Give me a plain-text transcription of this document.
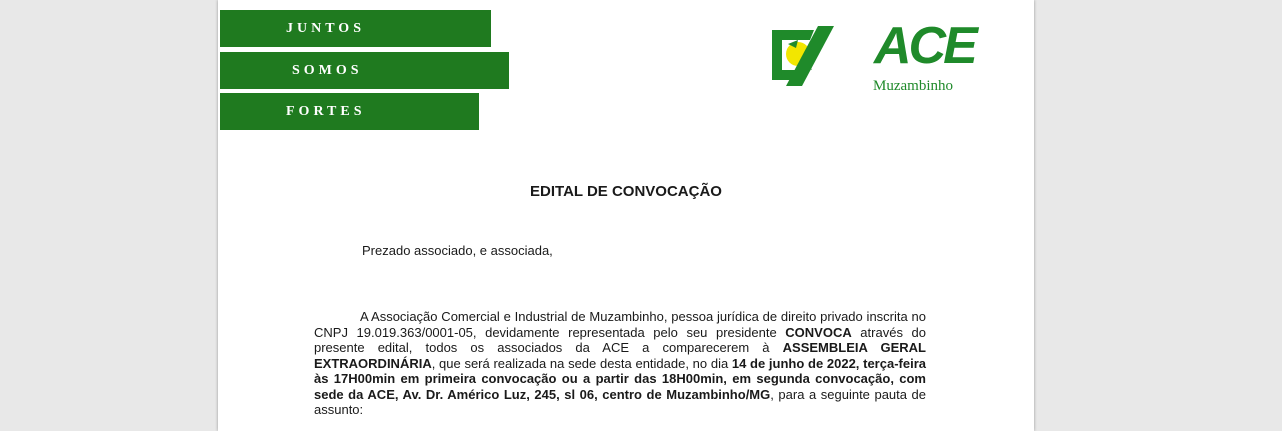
JUNTOS
SOMOS
FORTES
ACE
Muzambinho
EDITAL DE CONVOCAÇÃO
Prezado associado, e associada,

A Associação Comercial e Industrial de Muzambinho, pessoa jurídica de direito privado inscrita no CNPJ 19.019.363/0001-05, devidamente representada pelo seu presidente CONVOCA através do presente edital, todos os associados da ACE a comparecerem à ASSEMBLEIA GERAL EXTRAORDINÁRIA, que será realizada na sede desta entidade, no dia 14 de junho de 2022, terça-feira às 17H00min em primeira convocação ou a partir das 18H00min, em segunda convocação, com sede da ACE, Av. Dr. Américo Luz, 245, sl 06, centro de Muzambinho/MG, para a seguinte pauta de assunto:
